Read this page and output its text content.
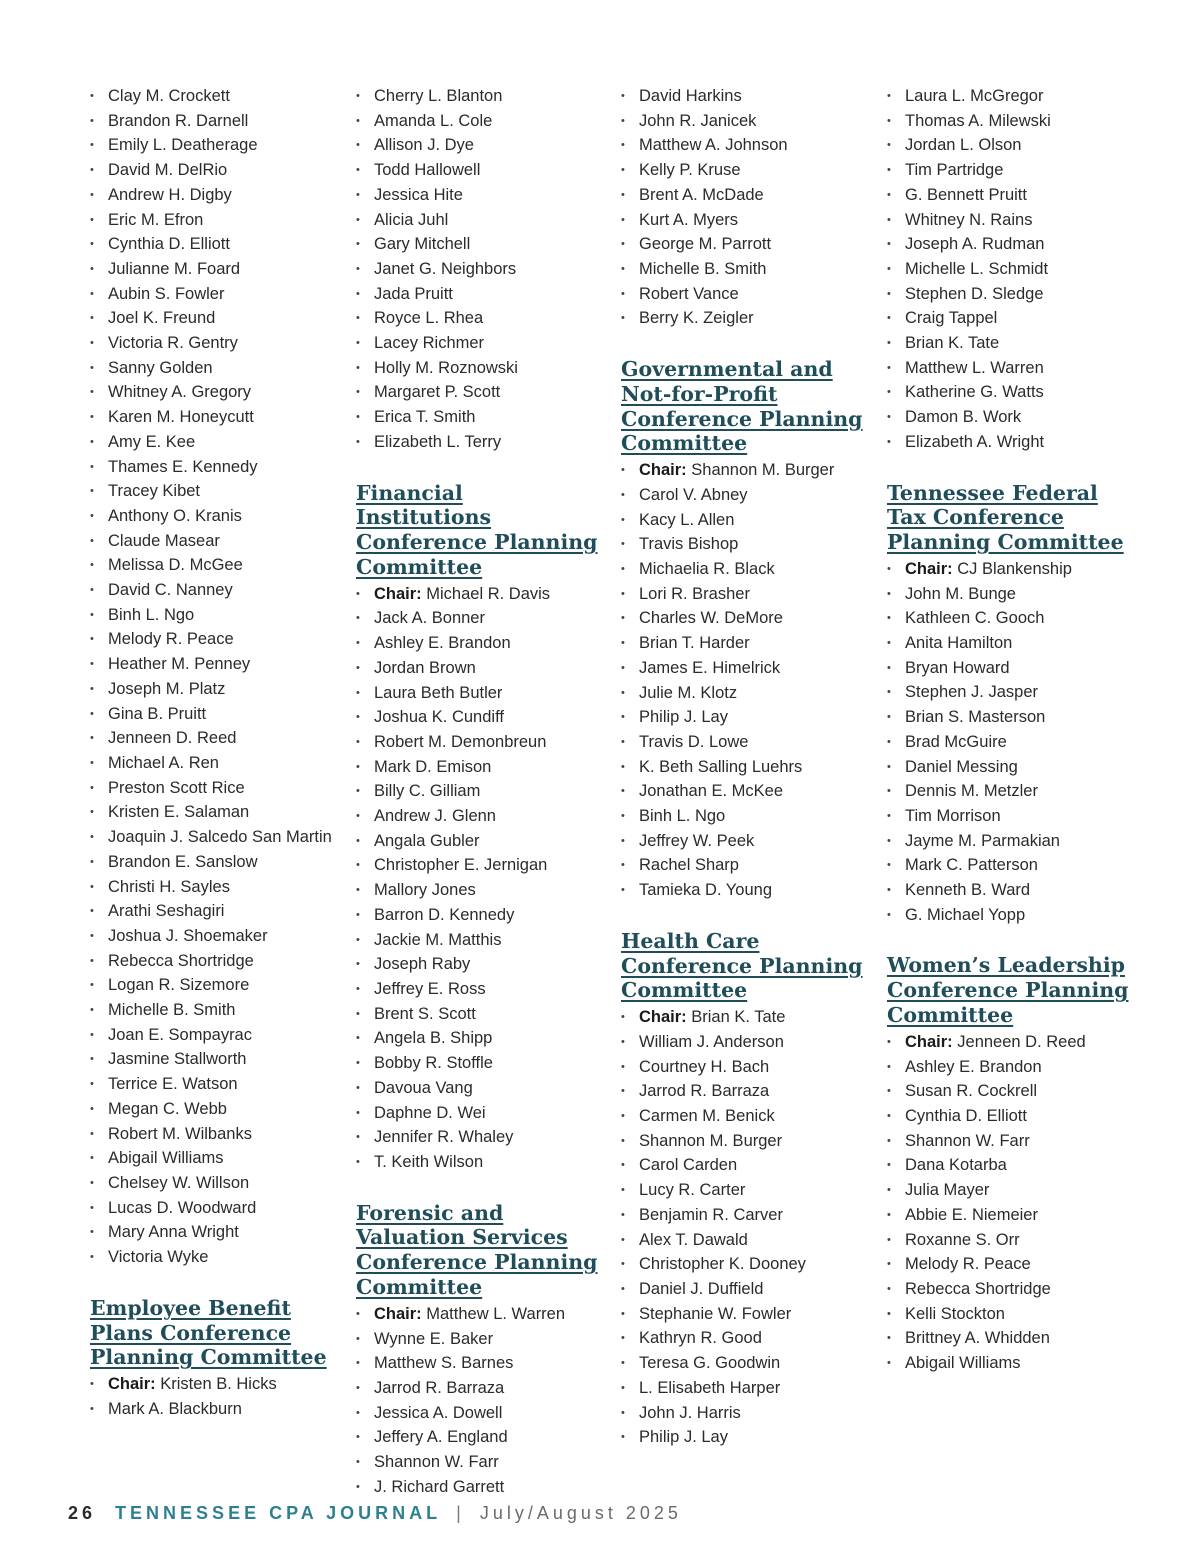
• Clay M. Crockett
• Brandon R. Darnell
• Emily L. Deatherage
• David M. DelRio
• Andrew H. Digby
• Eric M. Efron
• Cynthia D. Elliott
• Julianne M. Foard
• Aubin S. Fowler
• Joel K. Freund
• Victoria R. Gentry
• Sanny Golden
• Whitney A. Gregory
• Karen M. Honeycutt
• Amy E. Kee
• Thames E. Kennedy
• Tracey Kibet
• Anthony O. Kranis
• Claude Masear
• Melissa D. McGee
• David C. Nanney
• Binh L. Ngo
• Melody R. Peace
• Heather M. Penney
• Joseph M. Platz
• Gina B. Pruitt
• Jenneen D. Reed
• Michael A. Ren
• Preston Scott Rice
• Kristen E. Salaman
• Joaquin J. Salcedo San Martin
• Brandon E. Sanslow
• Christi H. Sayles
• Arathi Seshagiri
• Joshua J. Shoemaker
• Rebecca Shortridge
• Logan R. Sizemore
• Michelle B. Smith
• Joan E. Sompayrac
• Jasmine Stallworth
• Terrice E. Watson
• Megan C. Webb
• Robert M. Wilbanks
• Abigail Williams
• Chelsey W. Willson
• Lucas D. Woodward
• Mary Anna Wright
• Victoria Wyke
Employee Benefit Plans Conference Planning Committee
• Chair: Kristen B. Hicks
• Mark A. Blackburn
• Cherry L. Blanton
• Amanda L. Cole
• Allison J. Dye
• Todd Hallowell
• Jessica Hite
• Alicia Juhl
• Gary Mitchell
• Janet G. Neighbors
• Jada Pruitt
• Royce L. Rhea
• Lacey Richmer
• Holly M. Roznowski
• Margaret P. Scott
• Erica T. Smith
• Elizabeth L. Terry
Financial Institutions Conference Planning Committee
• Chair: Michael R. Davis
• Jack A. Bonner
• Ashley E. Brandon
• Jordan Brown
• Laura Beth Butler
• Joshua K. Cundiff
• Robert M. Demonbreun
• Mark D. Emison
• Billy C. Gilliam
• Andrew J. Glenn
• Angala Gubler
• Christopher E. Jernigan
• Mallory Jones
• Barron D. Kennedy
• Jackie M. Matthis
• Joseph Raby
• Jeffrey E. Ross
• Brent S. Scott
• Angela B. Shipp
• Bobby R. Stoffle
• Davoua Vang
• Daphne D. Wei
• Jennifer R. Whaley
• T. Keith Wilson
Forensic and Valuation Services Conference Planning Committee
• Chair: Matthew L. Warren
• Wynne E. Baker
• Matthew S. Barnes
• Jarrod R. Barraza
• Jessica A. Dowell
• Jeffery A. England
• Shannon W. Farr
• J. Richard Garrett
• David Harkins
• John R. Janicek
• Matthew A. Johnson
• Kelly P. Kruse
• Brent A. McDade
• Kurt A. Myers
• George M. Parrott
• Michelle B. Smith
• Robert Vance
• Berry K. Zeigler
Governmental and Not-for-Profit Conference Planning Committee
• Chair: Shannon M. Burger
• Carol V. Abney
• Kacy L. Allen
• Travis Bishop
• Michaelia R. Black
• Lori R. Brasher
• Charles W. DeMore
• Brian T. Harder
• James E. Himelrick
• Julie M. Klotz
• Philip J. Lay
• Travis D. Lowe
• K. Beth Salling Luehrs
• Jonathan E. McKee
• Binh L. Ngo
• Jeffrey W. Peek
• Rachel Sharp
• Tamieka D. Young
Health Care Conference Planning Committee
• Chair: Brian K. Tate
• William J. Anderson
• Courtney H. Bach
• Jarrod R. Barraza
• Carmen M. Benick
• Shannon M. Burger
• Carol Carden
• Lucy R. Carter
• Benjamin R. Carver
• Alex T. Dawald
• Christopher K. Dooney
• Daniel J. Duffield
• Stephanie W. Fowler
• Kathryn R. Good
• Teresa G. Goodwin
• L. Elisabeth Harper
• John J. Harris
• Philip J. Lay
• Laura L. McGregor
• Thomas A. Milewski
• Jordan L. Olson
• Tim Partridge
• G. Bennett Pruitt
• Whitney N. Rains
• Joseph A. Rudman
• Michelle L. Schmidt
• Stephen D. Sledge
• Craig Tappel
• Brian K. Tate
• Matthew L. Warren
• Katherine G. Watts
• Damon B. Work
• Elizabeth A. Wright
Tennessee Federal Tax Conference Planning Committee
• Chair: CJ Blankenship
• John M. Bunge
• Kathleen C. Gooch
• Anita Hamilton
• Bryan Howard
• Stephen J. Jasper
• Brian S. Masterson
• Brad McGuire
• Daniel Messing
• Dennis M. Metzler
• Tim Morrison
• Jayme M. Parmakian
• Mark C. Patterson
• Kenneth B. Ward
• G. Michael Yopp
Women’s Leadership Conference Planning Committee
• Chair: Jenneen D. Reed
• Ashley E. Brandon
• Susan R. Cockrell
• Cynthia D. Elliott
• Shannon W. Farr
• Dana Kotarba
• Julia Mayer
• Abbie E. Niemeier
• Roxanne S. Orr
• Melody R. Peace
• Rebecca Shortridge
• Kelli Stockton
• Brittney A. Whidden
• Abigail Williams
26 TENNESSEE CPA JOURNAL | July/August 2025
